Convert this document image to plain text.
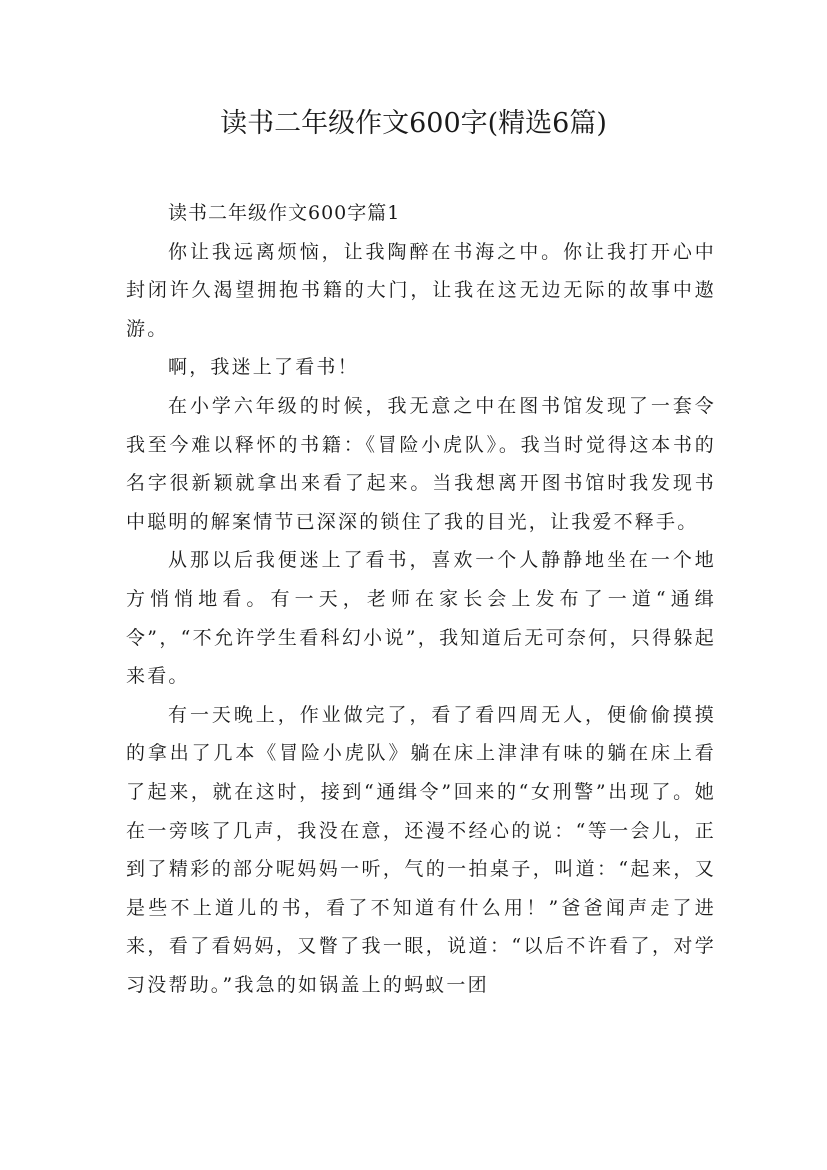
读书二年级作文600字(精选6篇)

读书二年级作文600字篇1

你让我远离烦恼，让我陶醉在书海之中。你让我打开心中封闭许久渴望拥抱书籍的大门，让我在这无边无际的故事中遨游。

啊，我迷上了看书！

在小学六年级的时候，我无意之中在图书馆发现了一套令我至今难以释怀的书籍：《冒险小虎队》。我当时觉得这本书的名字很新颖就拿出来看了起来。当我想离开图书馆时我发现书中聪明的解案情节已深深的锁住了我的目光，让我爱不释手。

从那以后我便迷上了看书，喜欢一个人静静地坐在一个地方悄悄地看。有一天，老师在家长会上发布了一道“通缉令”，“不允许学生看科幻小说”，我知道后无可奈何，只得躲起来看。

有一天晚上，作业做完了，看了看四周无人，便偷偷摸摸的拿出了几本《冒险小虎队》躺在床上津津有味的躺在床上看了起来，就在这时，接到“通缉令”回来的“女刑警”出现了。她在一旁咳了几声，我没在意，还漫不经心的说：“等一会儿，正到了精彩的部分呢妈妈一听，气的一拍桌子，叫道：“起来，又是些不上道儿的书，看了不知道有什么用！”爸爸闻声走了进来，看了看妈妈，又瞥了我一眼，说道：“以后不许看了，对学习没帮助。”我急的如锅盖上的蚂蚁一团
